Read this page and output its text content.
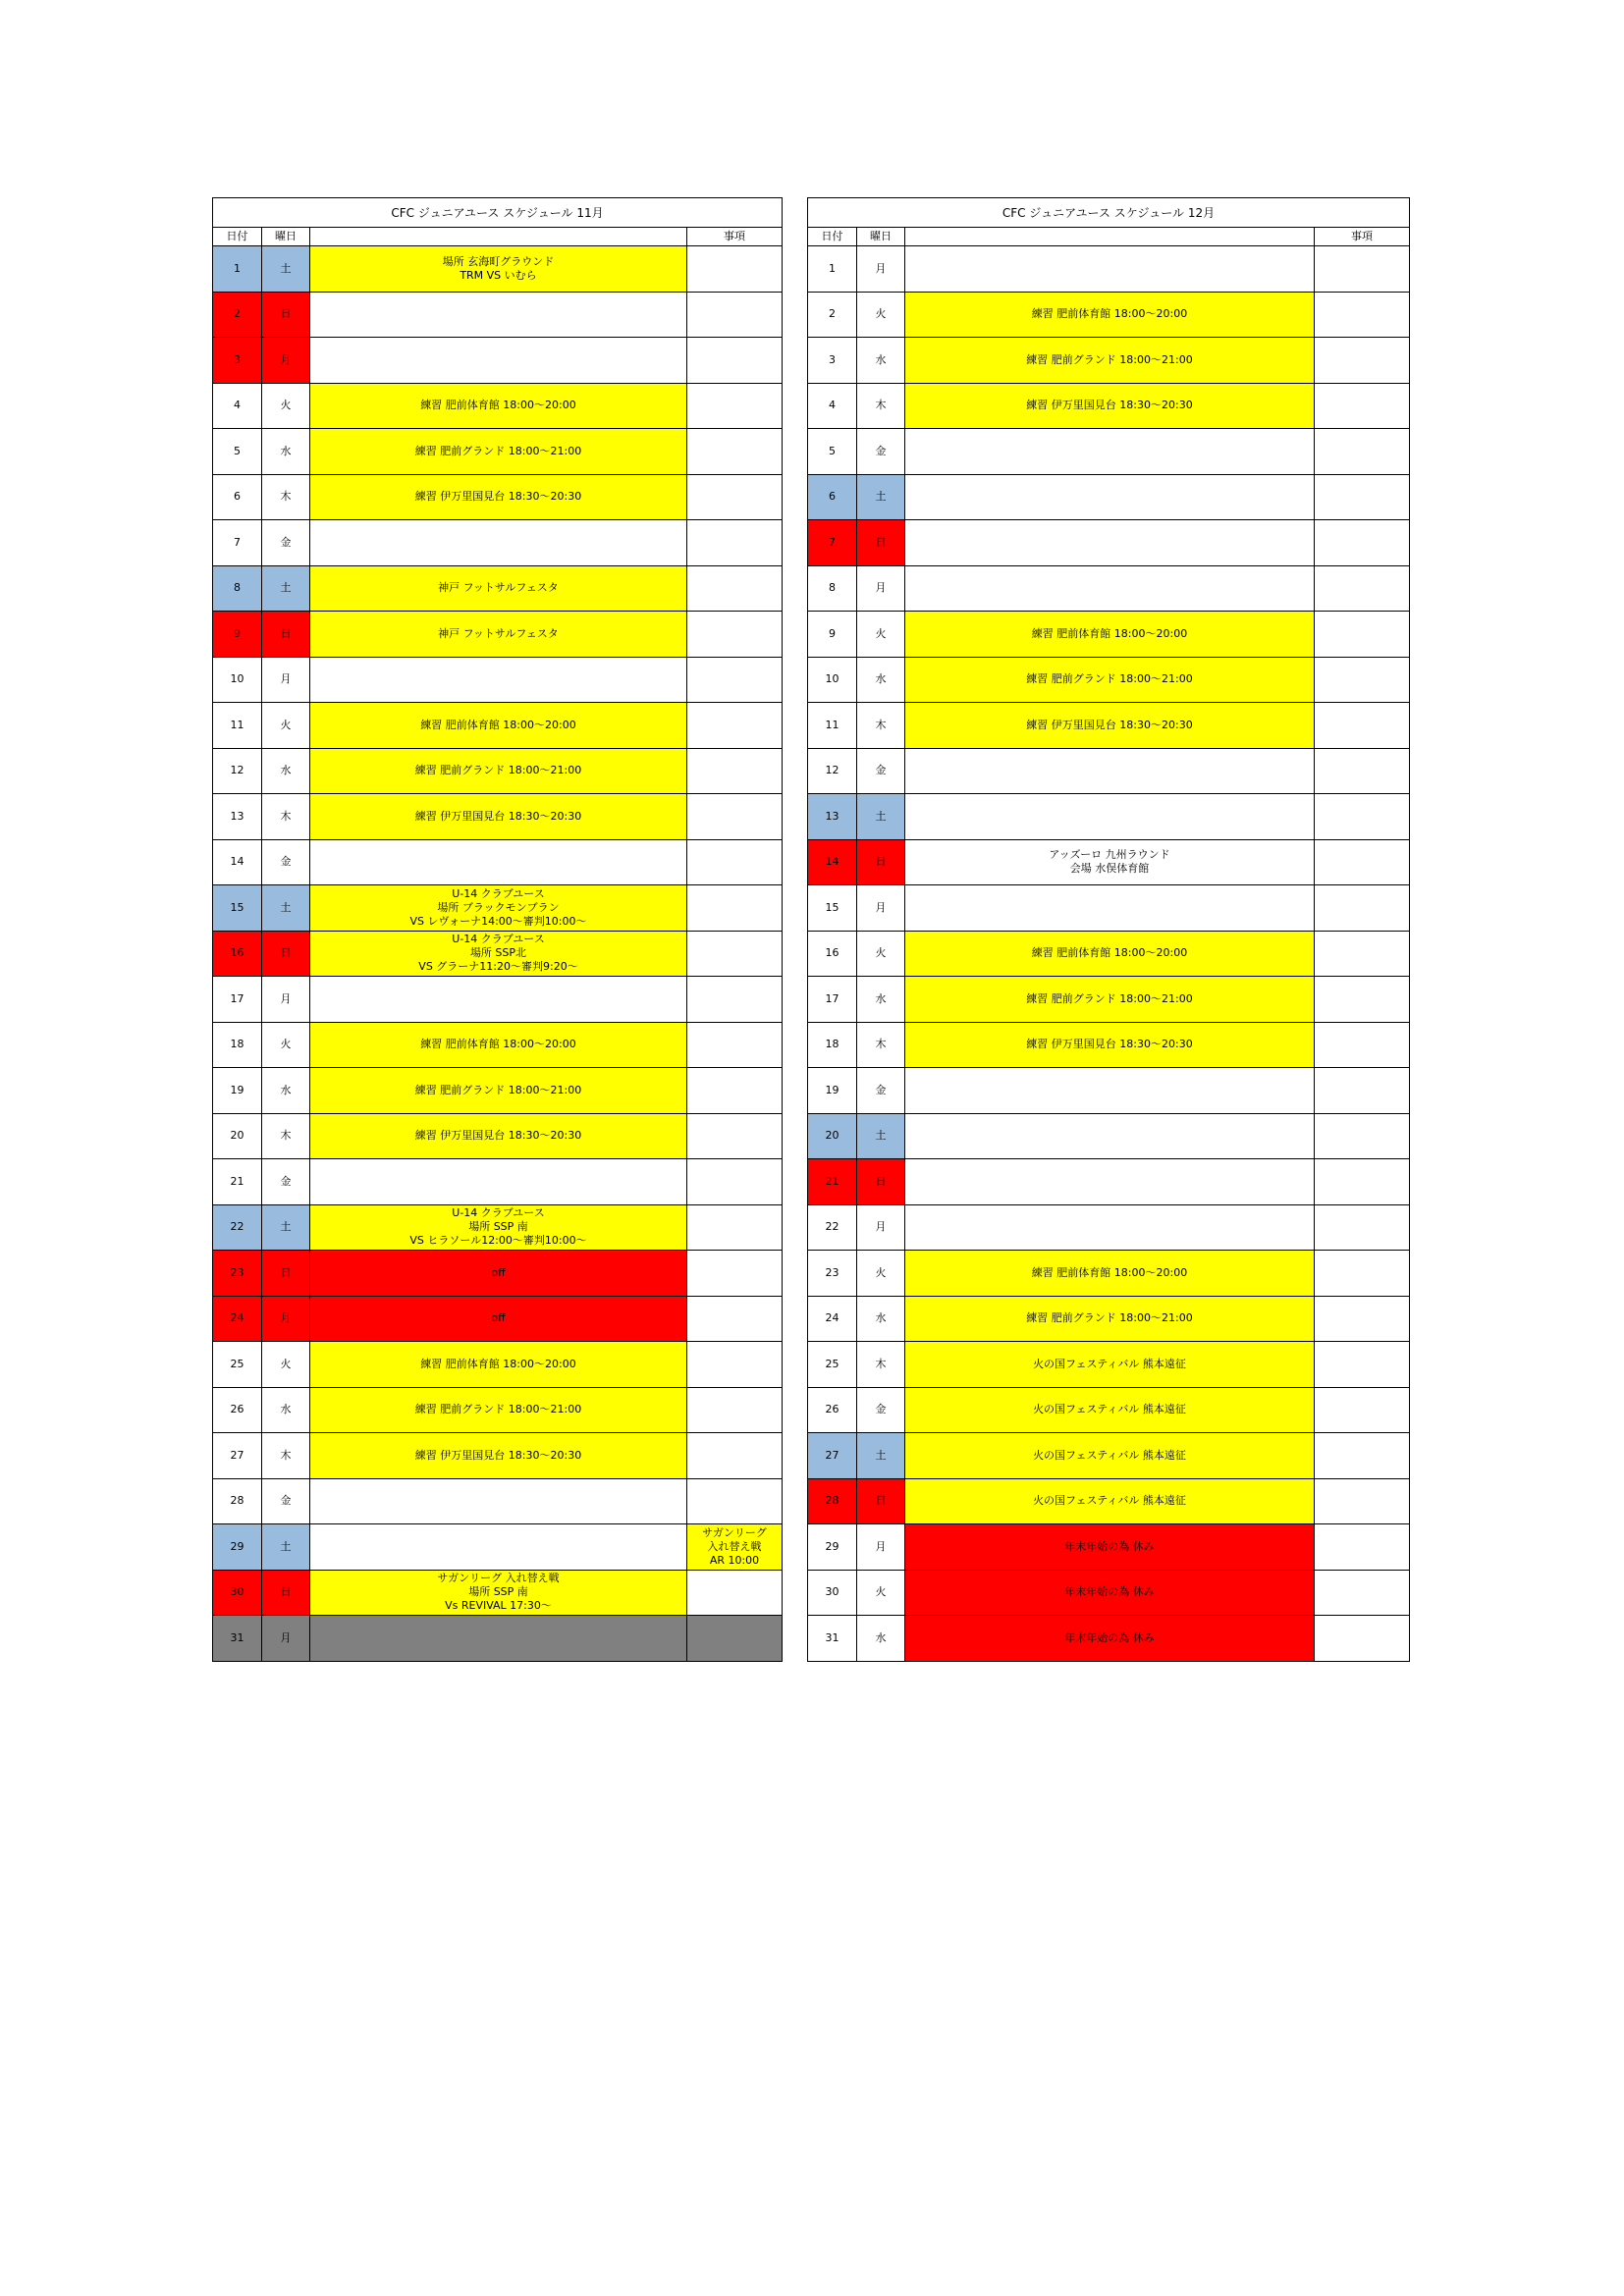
CFC ジュニアユース スケジュール 11月			
日付	曜日		事項
1	土	場所 玄海町グラウンド
TRM VS いむら	
2	日		
3	月		
4	火	練習 肥前体育館 18:00～20:00	
5	水	練習 肥前グランド 18:00～21:00	
6	木	練習 伊万里国見台 18:30～20:30	
7	金		
8	土	神戸 フットサルフェスタ	
9	日	神戸 フットサルフェスタ	
10	月		
11	火	練習 肥前体育館 18:00～20:00	
12	水	練習 肥前グランド 18:00～21:00	
13	木	練習 伊万里国見台 18:30～20:30	
14	金		
15	土	U-14 クラブユース
場所 ブラックモンブラン
VS レヴォーナ14:00～審判10:00～	
16	日	U-14 クラブユース
場所 SSP北
VS グラーナ11:20～審判9:20～	
17	月		
18	火	練習 肥前体育館 18:00～20:00	
19	水	練習 肥前グランド 18:00～21:00	
20	木	練習 伊万里国見台 18:30～20:30	
21	金		
22	土	U-14 クラブユース
場所 SSP 南
VS ヒラソール12:00～審判10:00～	
23	日	off	
24	月	off	
25	火	練習 肥前体育館 18:00～20:00	
26	水	練習 肥前グランド 18:00～21:00	
27	木	練習 伊万里国見台 18:30～20:30	
28	金		
29	土		サガンリーグ
入れ替え戦
AR 10:00
30	日	サガンリーグ 入れ替え戦
場所 SSP 南
Vs REVIVAL 17:30～	
31	月		
CFC ジュニアユース スケジュール 12月			
日付	曜日		事項
1	月		
2	火	練習 肥前体育館 18:00～20:00	
3	水	練習 肥前グランド 18:00～21:00	
4	木	練習 伊万里国見台 18:30～20:30	
5	金		
6	土		
7	日		
8	月		
9	火	練習 肥前体育館 18:00～20:00	
10	水	練習 肥前グランド 18:00～21:00	
11	木	練習 伊万里国見台 18:30～20:30	
12	金		
13	土		
14	日	アッズーロ 九州ラウンド
会場 水俣体育館	
15	月		
16	火	練習 肥前体育館 18:00～20:00	
17	水	練習 肥前グランド 18:00～21:00	
18	木	練習 伊万里国見台 18:30～20:30	
19	金		
20	土		
21	日		
22	月		
23	火	練習 肥前体育館 18:00～20:00	
24	水	練習 肥前グランド 18:00～21:00	
25	木	火の国フェスティバル 熊本遠征	
26	金	火の国フェスティバル 熊本遠征	
27	土	火の国フェスティバル 熊本遠征	
28	日	火の国フェスティバル 熊本遠征	
29	月	年末年始の為 休み	
30	火	年末年始の為 休み	
31	水	年末年始の為 休み	
